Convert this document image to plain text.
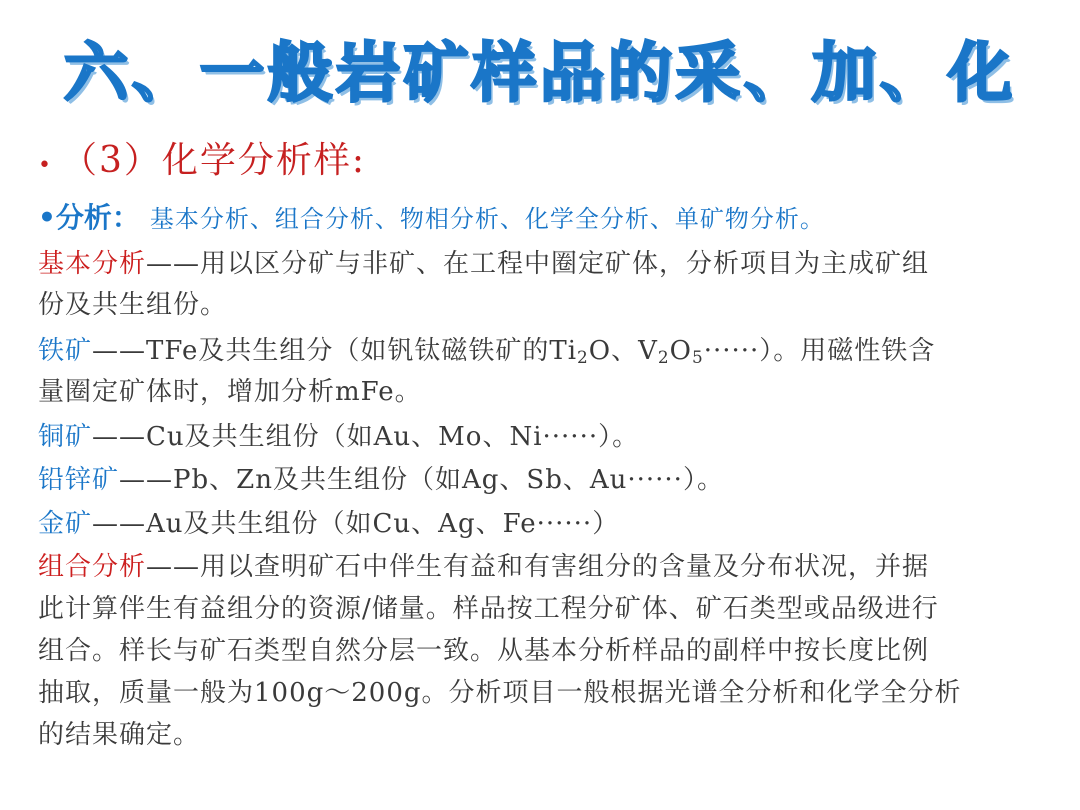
六、一般岩矿样品的采、加、化
• （3）化学分析样:
•分析： 基本分析、组合分析、物相分析、化学全分析、单矿物分析。
基本分析——用以区分矿与非矿、在工程中圈定矿体，分析项目为主成矿组
份及共生组份。
铁矿——TFe及共生组分（如钒钛磁铁矿的$Ti_2O$、$V_2O_5\cdot\cdot\cdot\cdot\cdot\cdot$）。用磁性铁含
量圈定矿体时，增加分析mFe。
铜矿——Cu及共生组份（如Au、Mo、Ni······）。
铅锌矿——Pb、Zn及共生组份（如Ag、Sb、Au······）。
金矿——Au及共生组份（如Cu、Ag、Fe······）
组合分析——用以查明矿石中伴生有益和有害组分的含量及分布状况，并据
此计算伴生有益组分的资源/储量。样品按工程分矿体、矿石类型或品级进行
组合。样长与矿石类型自然分层一致。从基本分析样品的副样中按长度比例
抽取，质量一般为100g～200g。分析项目一般根据光谱全分析和化学全分析
的结果确定。
